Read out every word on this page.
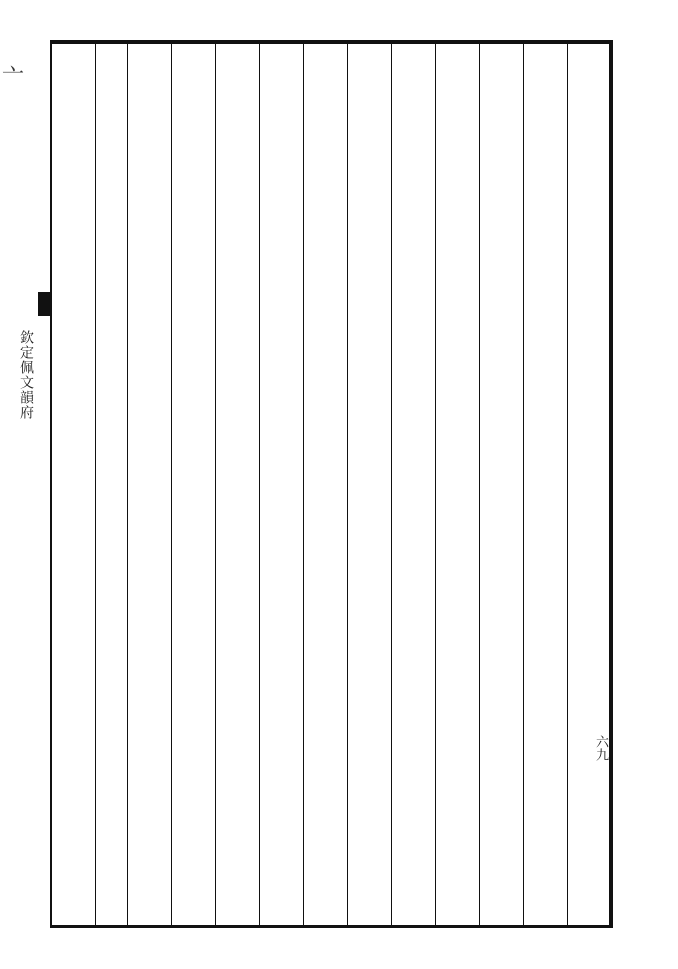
欽定佩文韻府
六九
亠
